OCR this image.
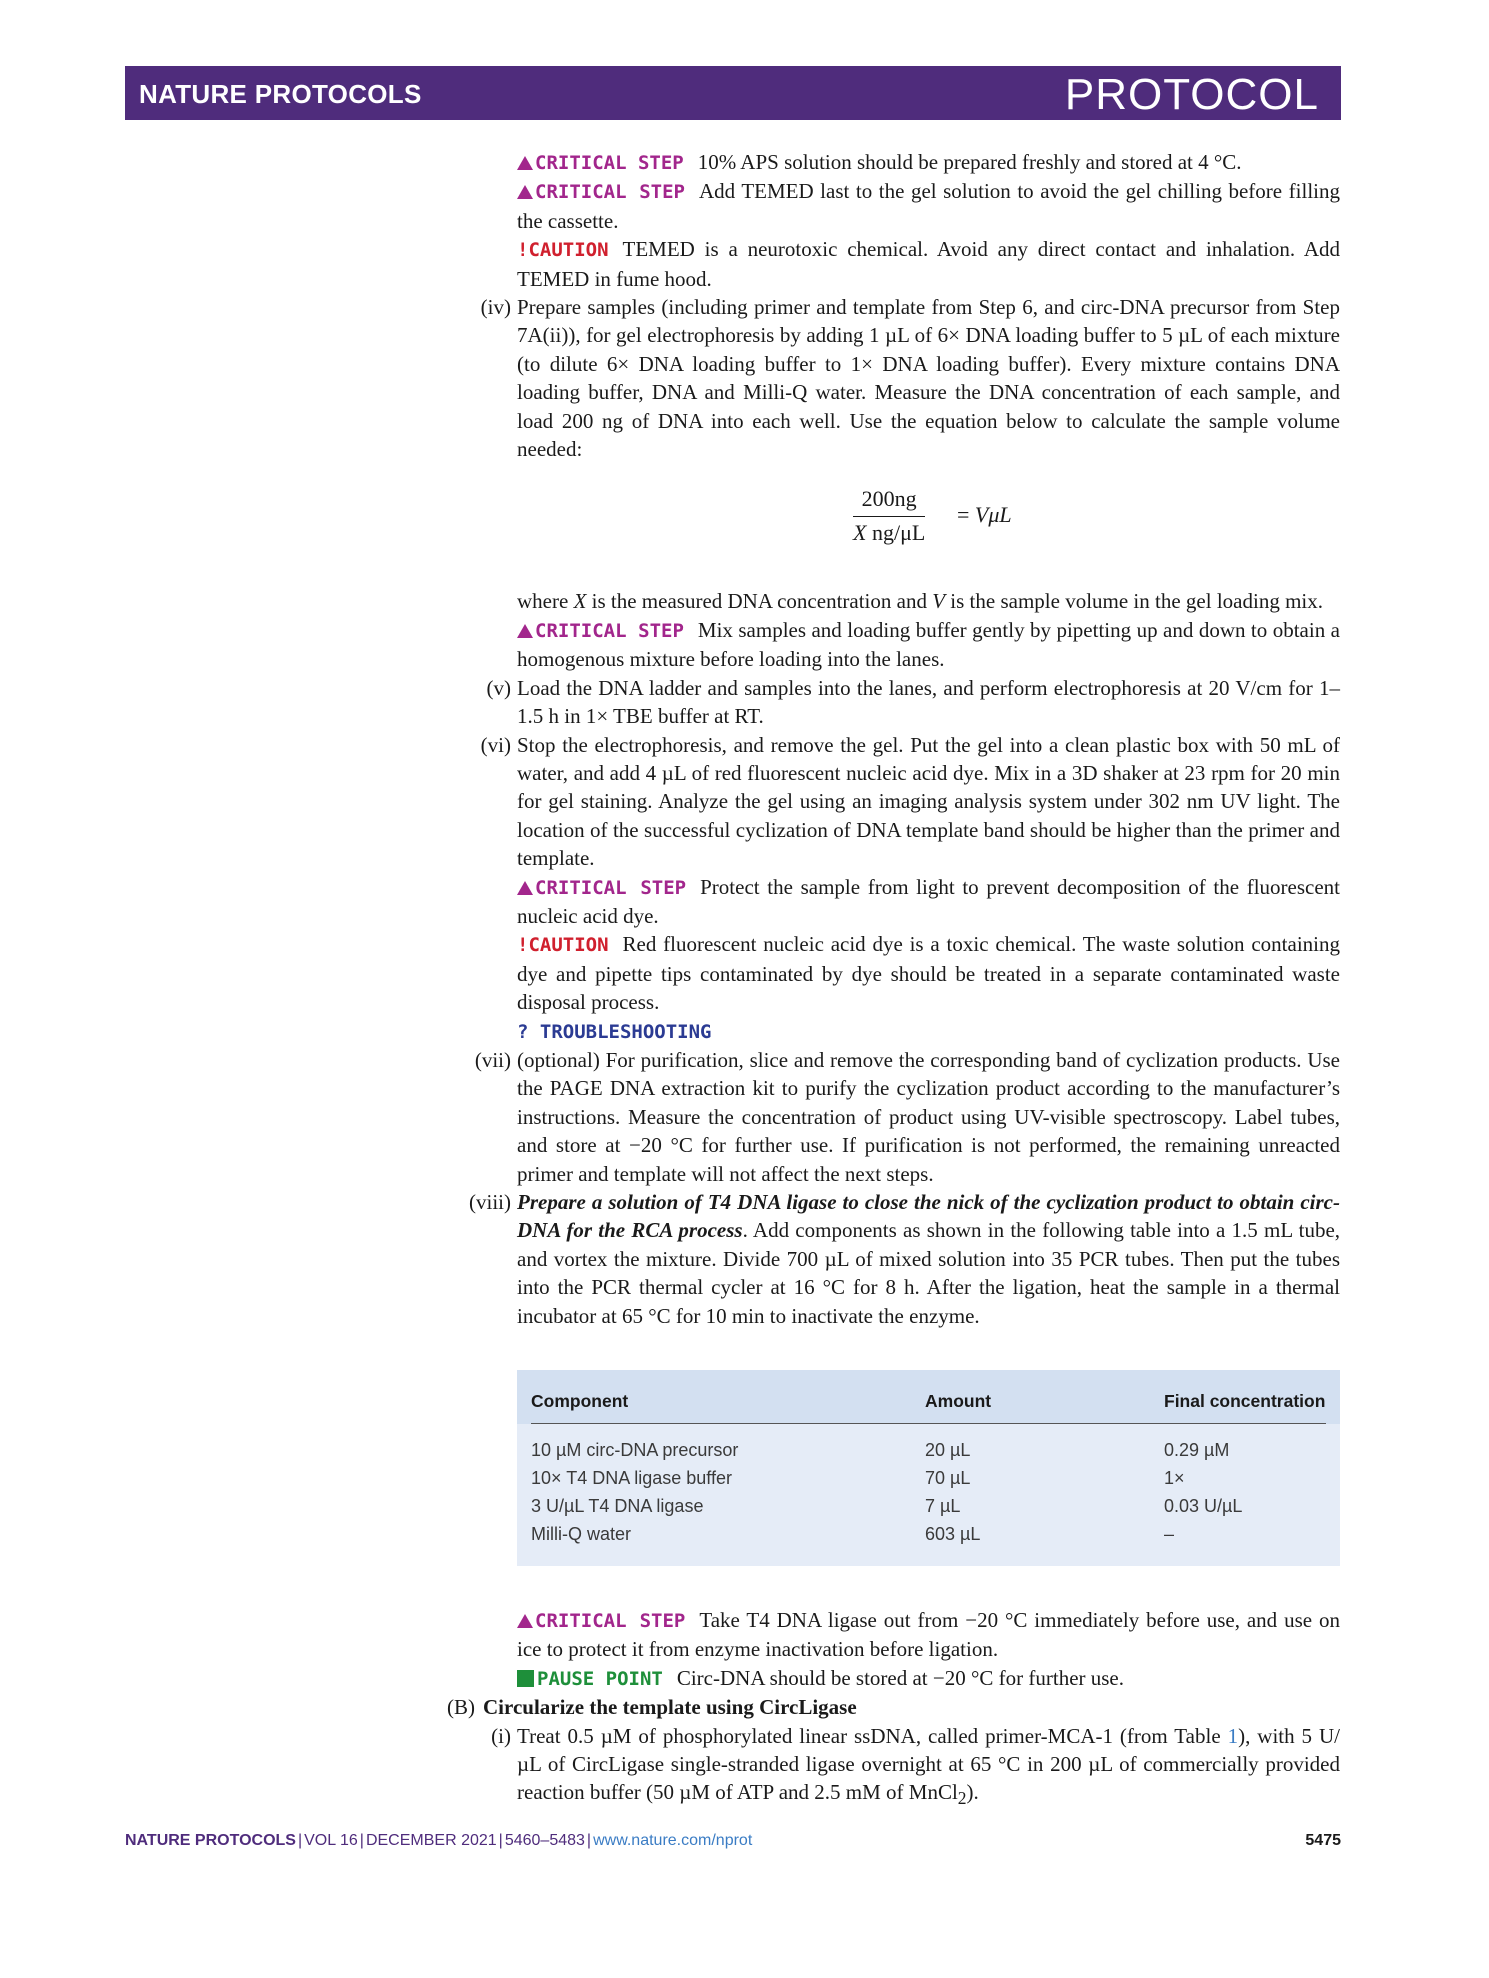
NATURE PROTOCOLS	PROTOCOL

CRITICAL STEP 10% APS solution should be prepared freshly and stored at 4 °C.

CRITICAL STEP Add TEMED last to the gel solution to avoid the gel chilling before filling the cassette.

!CAUTION TEMED is a neurotoxic chemical. Avoid any direct contact and inhalation. Add TEMED in fume hood.

(iv) Prepare samples (including primer and template from Step 6, and circ-DNA precursor from Step 7A(ii)), for gel electrophoresis by adding 1 µL of 6× DNA loading buffer to 5 µL of each mixture (to dilute 6× DNA loading buffer to 1× DNA loading buffer). Every mixture contains DNA loading buffer, DNA and Milli-Q water. Measure the DNA concentration of each sample, and load 200 ng of DNA into each well. Use the equation below to calculate the sample volume needed:

$\frac{200ng}{\text{X ng/μL}} = V\mu L$

where X is the measured DNA concentration and V is the sample volume in the gel loading mix.

CRITICAL STEP Mix samples and loading buffer gently by pipetting up and down to obtain a homogenous mixture before loading into the lanes.

(v) Load the DNA ladder and samples into the lanes, and perform electrophoresis at 20 V/cm for 1–1.5 h in 1× TBE buffer at RT.

(vi) Stop the electrophoresis, and remove the gel. Put the gel into a clean plastic box with 50 mL of water, and add 4 µL of red fluorescent nucleic acid dye. Mix in a 3D shaker at 23 rpm for 20 min for gel staining. Analyze the gel using an imaging analysis system under 302 nm UV light. The location of the successful cyclization of DNA template band should be higher than the primer and template.

CRITICAL STEP Protect the sample from light to prevent decomposition of the fluorescent nucleic acid dye.

!CAUTION Red fluorescent nucleic acid dye is a toxic chemical. The waste solution containing dye and pipette tips contaminated by dye should be treated in a separate contaminated waste disposal process.

? TROUBLESHOOTING

(vii) (optional) For purification, slice and remove the corresponding band of cyclization products. Use the PAGE DNA extraction kit to purify the cyclization product according to the manufacturer’s instructions. Measure the concentration of product using UV-visible spectroscopy. Label tubes, and store at −20 °C for further use. If purification is not performed, the remaining unreacted primer and template will not affect the next steps.

(viii) Prepare a solution of T4 DNA ligase to close the nick of the cyclization product to obtain circ-DNA for the RCA process. Add components as shown in the following table into a 1.5 mL tube, and vortex the mixture. Divide 700 µL of mixed solution into 35 PCR tubes. Then put the tubes into the PCR thermal cycler at 16 °C for 8 h. After the ligation, heat the sample in a thermal incubator at 65 °C for 10 min to inactivate the enzyme.

Component	Amount	Final concentration
10 µM circ-DNA precursor	20 µL	0.29 µM
10× T4 DNA ligase buffer	70 µL	1×
3 U/µL T4 DNA ligase	7 µL	0.03 U/µL
Milli-Q water	603 µL	–

CRITICAL STEP Take T4 DNA ligase out from −20 °C immediately before use, and use on ice to protect it from enzyme inactivation before ligation.

PAUSE POINT Circ-DNA should be stored at −20 °C for further use.

(B) Circularize the template using CircLigase

(i) Treat 0.5 µM of phosphorylated linear ssDNA, called primer-MCA-1 (from Table 1), with 5 U/µL of CircLigase single-stranded ligase overnight at 65 °C in 200 µL of commercially provided reaction buffer (50 µM of ATP and 2.5 mM of MnCl$_2$).

NATURE PROTOCOLS | VOL 16 | DECEMBER 2021 | 5460–5483 | www.nature.com/nprot	5475
